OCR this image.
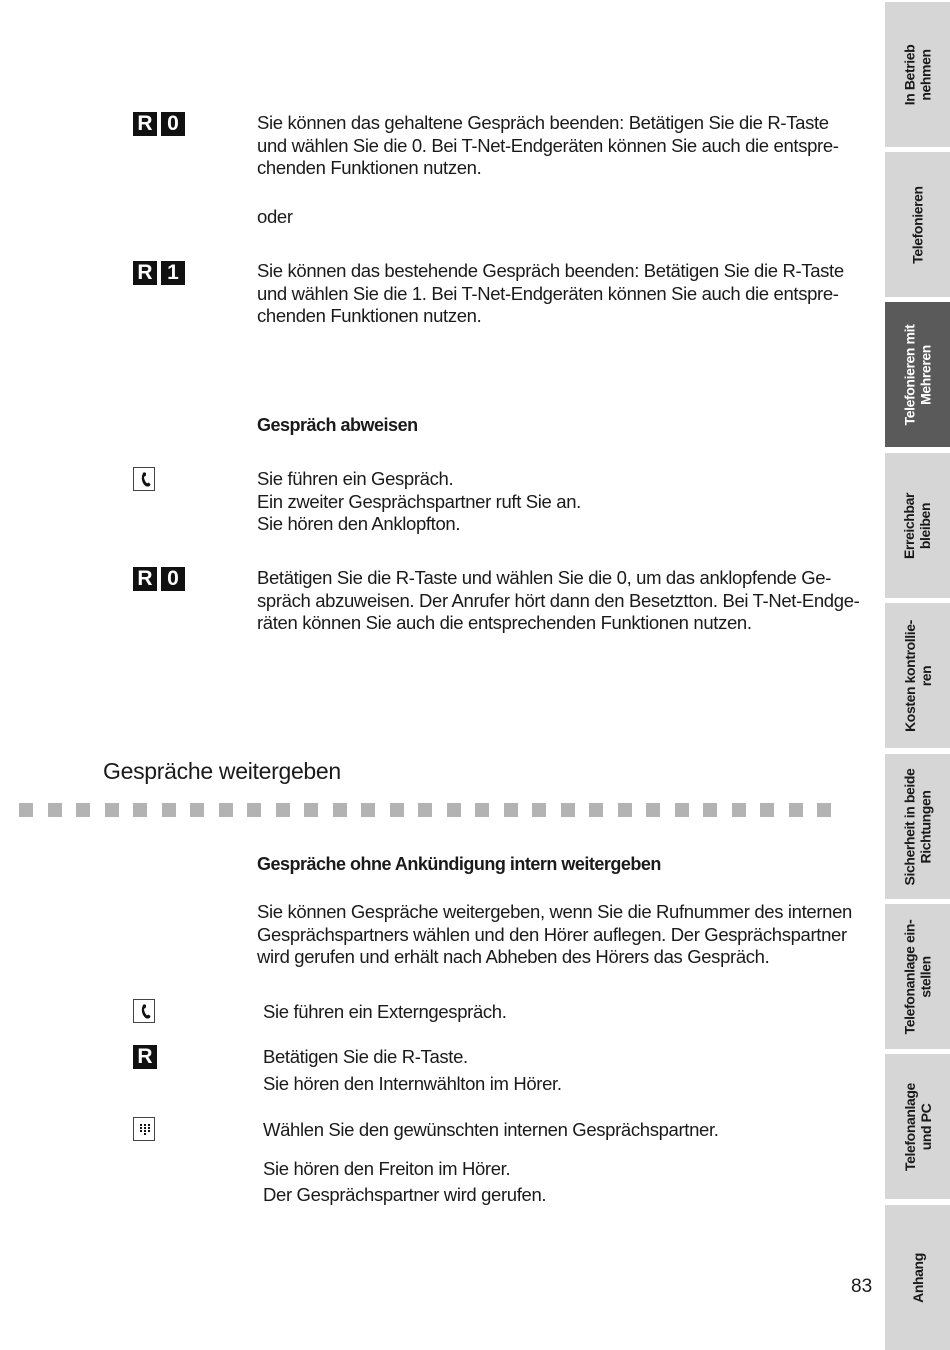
R 0	Sie können das gehaltene Gespräch beenden: Betätigen Sie die R-Taste
und wählen Sie die 0. Bei T-Net-Endgeräten können Sie auch die entspre-
chenden Funktionen nutzen.
oder
R 1	Sie können das bestehende Gespräch beenden: Betätigen Sie die R-Taste
und wählen Sie die 1. Bei T-Net-Endgeräten können Sie auch die entspre-
chenden Funktionen nutzen.
Gespräch abweisen
Sie führen ein Gespräch.
Ein zweiter Gesprächspartner ruft Sie an.
Sie hören den Anklopfton.
R 0	Betätigen Sie die R-Taste und wählen Sie die 0, um das anklopfende Ge-
spräch abzuweisen. Der Anrufer hört dann den Besetztton. Bei T-Net-Endge-
räten können Sie auch die entsprechenden Funktionen nutzen.
Gespräche weitergeben
Gespräche ohne Ankündigung intern weitergeben
Sie können Gespräche weitergeben, wenn Sie die Rufnummer des internen
Gesprächspartners wählen und den Hörer auflegen. Der Gesprächspartner
wird gerufen und erhält nach Abheben des Hörers das Gespräch.
Sie führen ein Externgespräch.
R	Betätigen Sie die R-Taste.
Sie hören den Internwählton im Hörer.
Wählen Sie den gewünschten internen Gesprächspartner.
Sie hören den Freiton im Hörer.
Der Gesprächspartner wird gerufen.
83
In Betrieb nehmen
Telefonieren
Telefonieren mit Mehreren
Erreichbar bleiben
Kosten kontrollie- ren
Sicherheit in beide Richtungen
Telefonanlage ein- stellen
Telefonanlage und PC
Anhang
